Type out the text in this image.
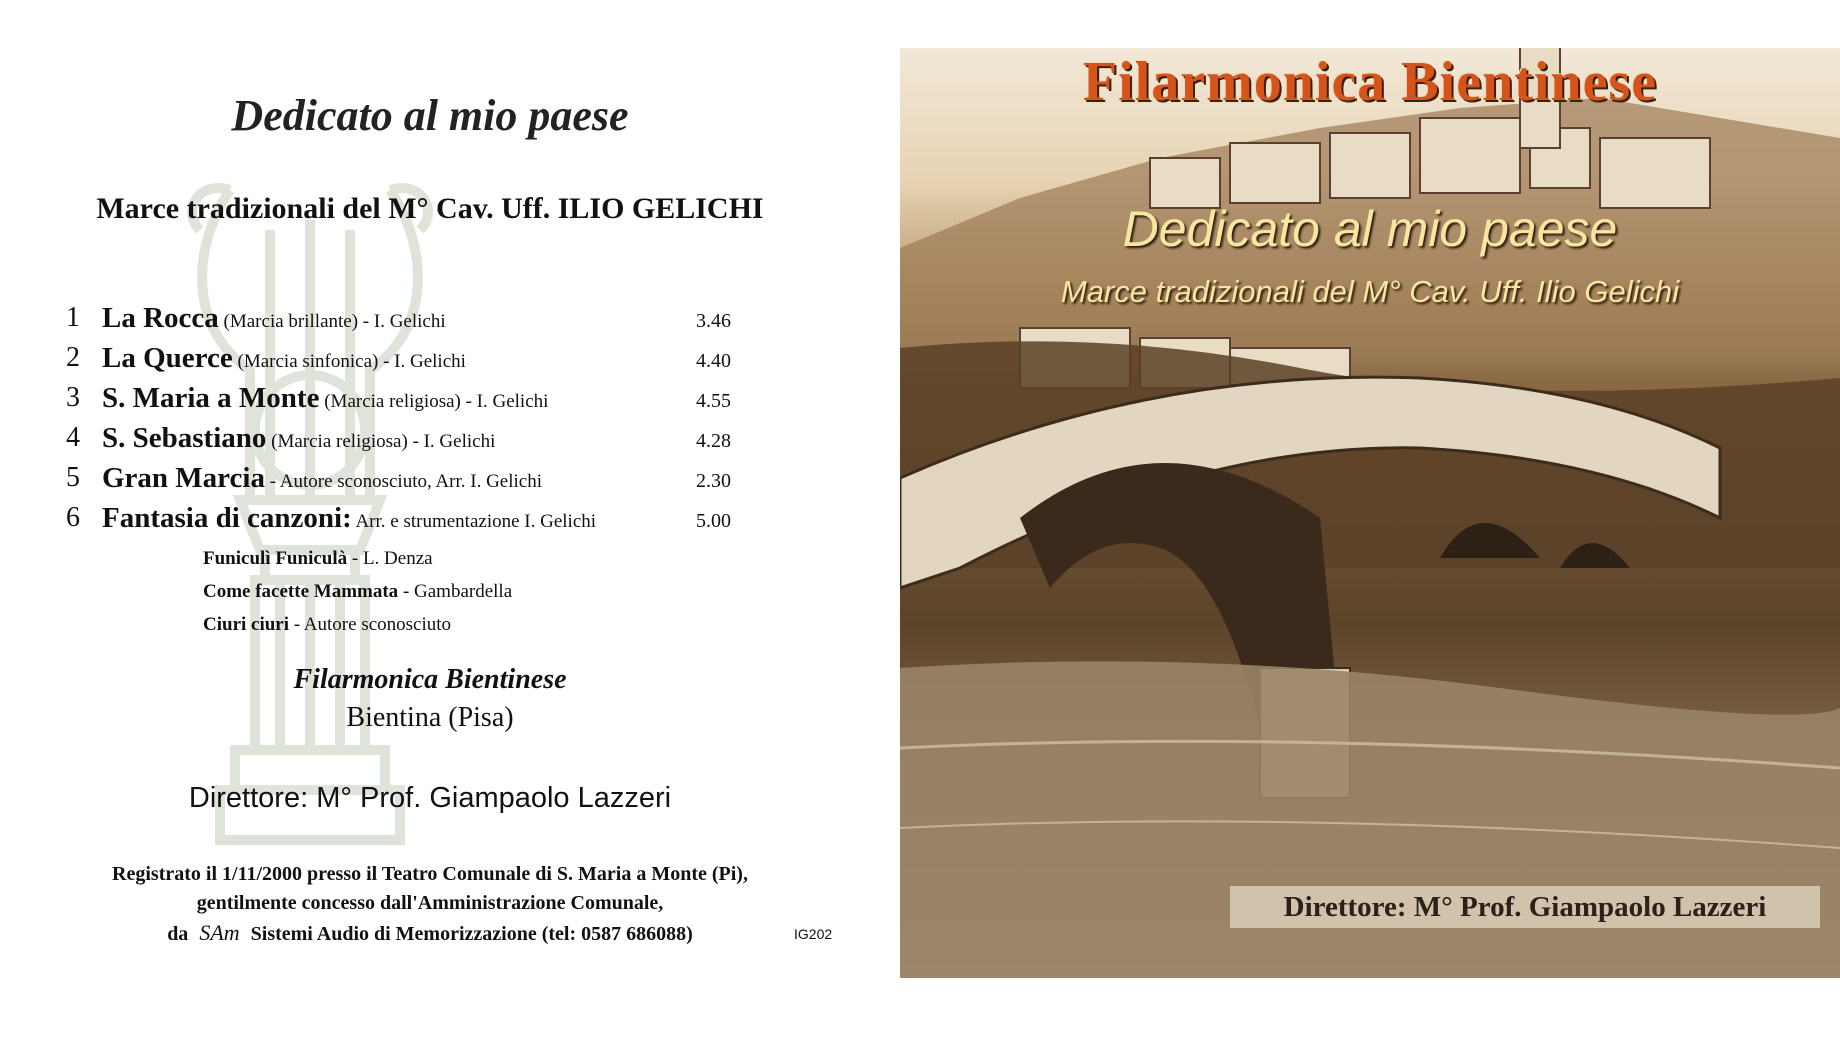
Dedicato al mio paese
Marce tradizionali del M° Cav. Uff. ILIO GELICHI
1 La Rocca (Marcia brillante) - I. Gelichi	3.46
2 La Querce (Marcia sinfonica) - I. Gelichi	4.40
3 S. Maria a Monte (Marcia religiosa) - I. Gelichi	4.55
4 S. Sebastiano (Marcia religiosa) - I. Gelichi	4.28
5 Gran Marcia - Autore sconosciuto, Arr. I. Gelichi	2.30
6 Fantasia di canzoni: Arr. e strumentazione I. Gelichi	5.00
Funiculì Funiculà - L. Denza
Come facette Mammata - Gambardella
Ciuri ciuri - Autore sconosciuto
Filarmonica Bientinese
Bientina (Pisa)
Direttore: M° Prof. Giampaolo Lazzeri
Registrato il 1/11/2000 presso il Teatro Comunale di S. Maria a Monte (Pi),
gentilmente concesso dall'Amministrazione Comunale,
da SAm Sistemi Audio di Memorizzazione (tel: 0587 686088)	IG202
Filarmonica Bientinese
Dedicato al mio paese
Marce tradizionali del M° Cav. Uff. Ilio Gelichi
Direttore: M° Prof. Giampaolo Lazzeri
